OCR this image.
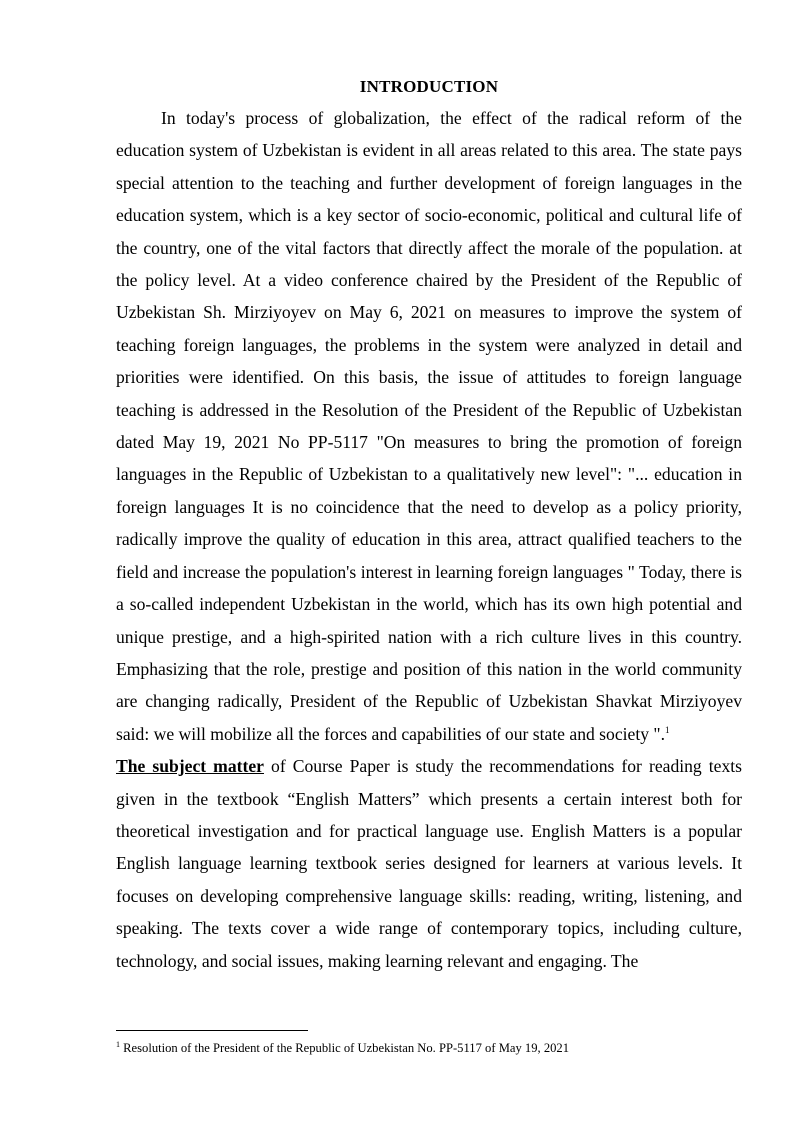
INTRODUCTION

In today's process of globalization, the effect of the radical reform of the education system of Uzbekistan is evident in all areas related to this area. The state pays special attention to the teaching and further development of foreign languages in the education system, which is a key sector of socio-economic, political and cultural life of the country, one of the vital factors that directly affect the morale of the population. at the policy level. At a video conference chaired by the President of the Republic of Uzbekistan Sh. Mirziyoyev on May 6, 2021 on measures to improve the system of teaching foreign languages, the problems in the system were analyzed in detail and priorities were identified. On this basis, the issue of attitudes to foreign language teaching is addressed in the Resolution of the President of the Republic of Uzbekistan dated May 19, 2021 No PP-5117 "On measures to bring the promotion of foreign languages in the Republic of Uzbekistan to a qualitatively new level": "... education in foreign languages It is no coincidence that the need to develop as a policy priority, radically improve the quality of education in this area, attract qualified teachers to the field and increase the population's interest in learning foreign languages " Today, there is a so-called independent Uzbekistan in the world, which has its own high potential and unique prestige, and a high-spirited nation with a rich culture lives in this country. Emphasizing that the role, prestige and position of this nation in the world community are changing radically, President of the Republic of Uzbekistan Shavkat Mirziyoyev said: we will mobilize all the forces and capabilities of our state and society ".$^1$

The subject matter of Course Paper is study the recommendations for reading texts given in the textbook “English Matters” which presents a certain interest both for theoretical investigation and for practical language use. English Matters is a popular English language learning textbook series designed for learners at various levels. It focuses on developing comprehensive language skills: reading, writing, listening, and speaking. The texts cover a wide range of contemporary topics, including culture, technology, and social issues, making learning relevant and engaging. The

$^1$ Resolution of the President of the Republic of Uzbekistan No. PP-5117 of May 19, 2021
